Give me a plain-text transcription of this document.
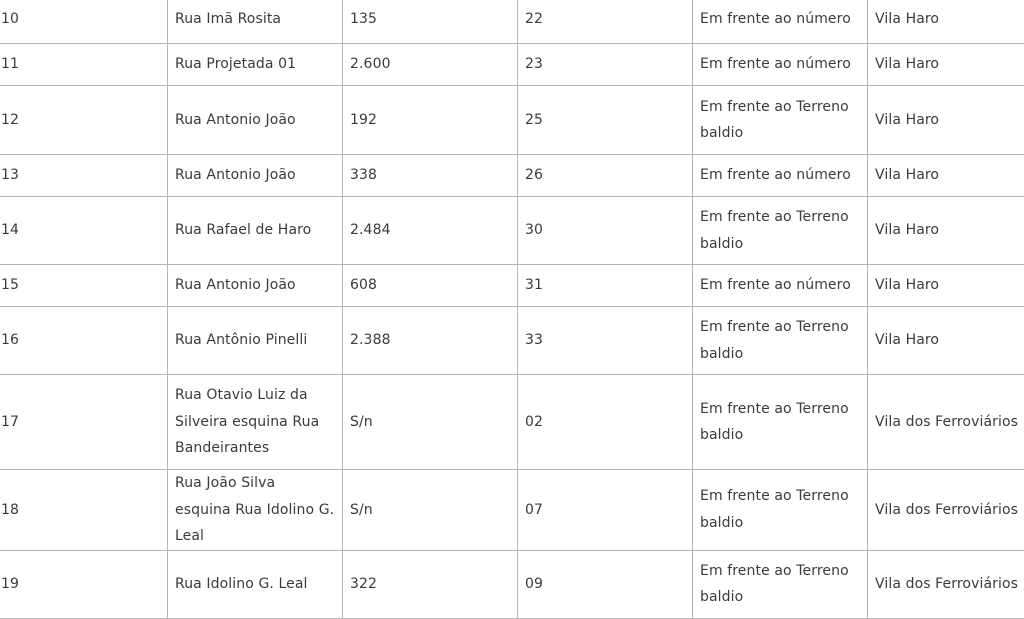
10	Rua Imã Rosita	135	22	Em frente ao número	Vila Haro
11	Rua Projetada 01	2.600	23	Em frente ao número	Vila Haro
12	Rua Antonio João	192	25	Em frente ao Terreno baldio	Vila Haro
13	Rua Antonio João	338	26	Em frente ao número	Vila Haro
14	Rua Rafael de Haro	2.484	30	Em frente ao Terreno baldio	Vila Haro
15	Rua Antonio João	608	31	Em frente ao número	Vila Haro
16	Rua Antônio Pinelli	2.388	33	Em frente ao Terreno baldio	Vila Haro
17	Rua Otavio Luiz da Silveira esquina Rua Bandeirantes	S/n	02	Em frente ao Terreno baldio	Vila dos Ferroviários
18	Rua João Silva esquina Rua Idolino G. Leal	S/n	07	Em frente ao Terreno baldio	Vila dos Ferroviários
19	Rua Idolino G. Leal	322	09	Em frente ao Terreno baldio	Vila dos Ferroviários
